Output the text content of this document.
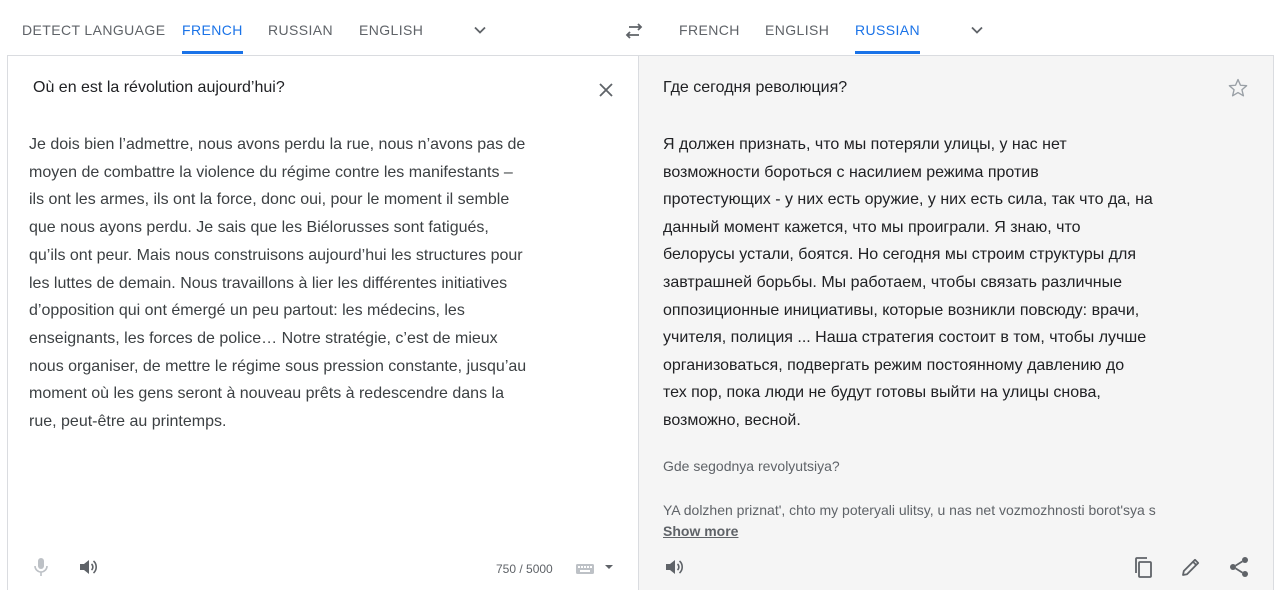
DETECT LANGUAGE FRENCH RUSSIAN ENGLISH	FRENCH ENGLISH RUSSIAN
Où en est la révolution aujourd’hui?
Je dois bien l’admettre, nous avons perdu la rue, nous n’avons pas de
moyen de combattre la violence du régime contre les manifestants –
ils ont les armes, ils ont la force, donc oui, pour le moment il semble
que nous ayons perdu. Je sais que les Biélorusses sont fatigués,
qu’ils ont peur. Mais nous construisons aujourd’hui les structures pour
les luttes de demain. Nous travaillons à lier les différentes initiatives
d’opposition qui ont émergé un peu partout: les médecins, les
enseignants, les forces de police… Notre stratégie, c’est de mieux
nous organiser, de mettre le régime sous pression constante, jusqu’au
moment où les gens seront à nouveau prêts à redescendre dans la
rue, peut-être au printemps.
750 / 5000
Где сегодня революция?
Я должен признать, что мы потеряли улицы, у нас нет
возможности бороться с насилием режима против
протестующих - у них есть оружие, у них есть сила, так что да, на
данный момент кажется, что мы проиграли. Я знаю, что
белорусы устали, боятся. Но сегодня мы строим структуры для
завтрашней борьбы. Мы работаем, чтобы связать различные
оппозиционные инициативы, которые возникли повсюду: врачи,
учителя, полиция ... Наша стратегия состоит в том, чтобы лучше
организоваться, подвергать режим постоянному давлению до
тех пор, пока люди не будут готовы выйти на улицы снова,
возможно, весной.
Gde segodnya revolyutsiya?
YA dolzhen priznat', chto my poteryali ulitsy, u nas net vozmozhnosti borot'sya s
Show more
